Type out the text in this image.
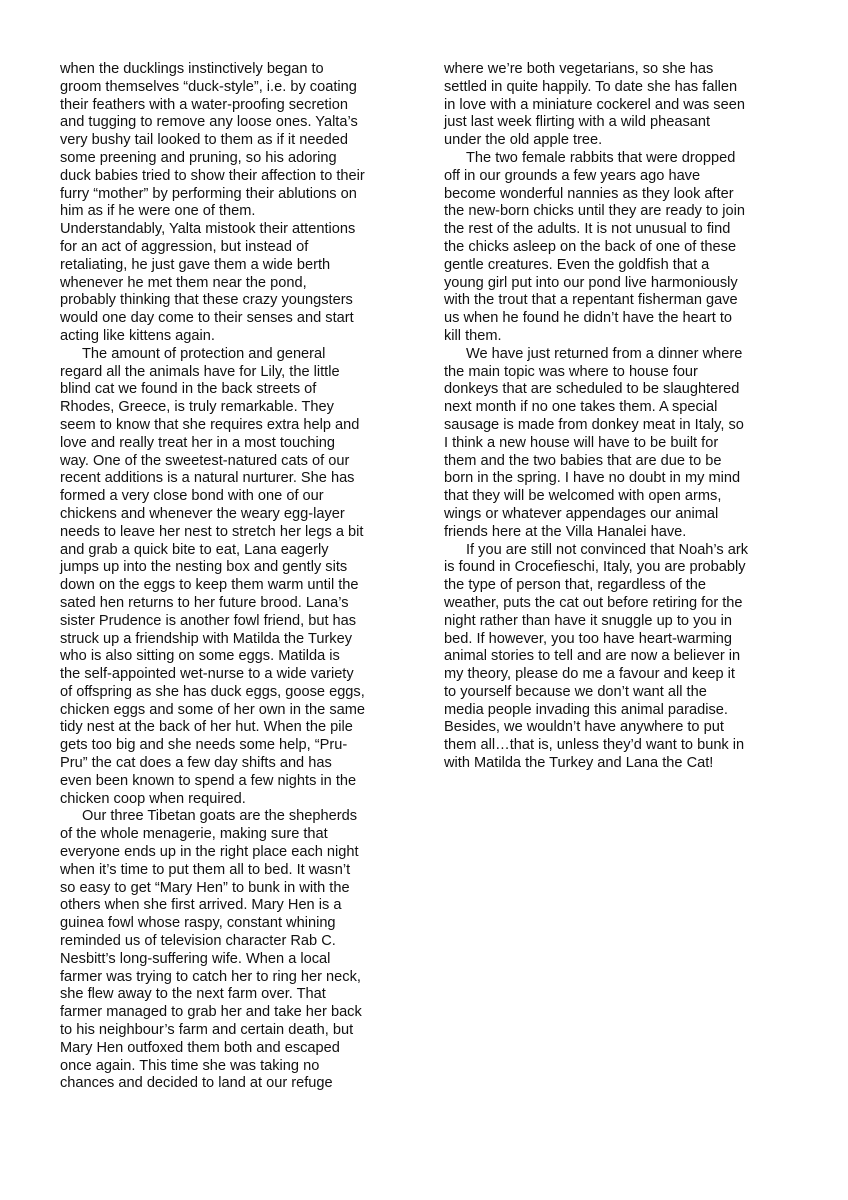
when the ducklings instinctively began to
groom themselves “duck-style”, i.e. by coating
their feathers with a water-proofing secretion
and tugging to remove any loose ones. Yalta’s
very bushy tail looked to them as if it needed
some preening and pruning, so his adoring
duck babies tried to show their affection to their
furry “mother” by performing their ablutions on
him as if he were one of them.
Understandably, Yalta mistook their attentions
for an act of aggression, but instead of
retaliating, he just gave them a wide berth
whenever he met them near the pond,
probably thinking that these crazy youngsters
would one day come to their senses and start
acting like kittens again.

The amount of protection and general
regard all the animals have for Lily, the little
blind cat we found in the back streets of
Rhodes, Greece, is truly remarkable. They
seem to know that she requires extra help and
love and really treat her in a most touching
way. One of the sweetest-natured cats of our
recent additions is a natural nurturer. She has
formed a very close bond with one of our
chickens and whenever the weary egg-layer
needs to leave her nest to stretch her legs a bit
and grab a quick bite to eat, Lana eagerly
jumps up into the nesting box and gently sits
down on the eggs to keep them warm until the
sated hen returns to her future brood. Lana’s
sister Prudence is another fowl friend, but has
struck up a friendship with Matilda the Turkey
who is also sitting on some eggs. Matilda is
the self-appointed wet-nurse to a wide variety
of offspring as she has duck eggs, goose eggs,
chicken eggs and some of her own in the same
tidy nest at the back of her hut. When the pile
gets too big and she needs some help, “Pru-
Pru” the cat does a few day shifts and has
even been known to spend a few nights in the
chicken coop when required.

Our three Tibetan goats are the shepherds
of the whole menagerie, making sure that
everyone ends up in the right place each night
when it’s time to put them all to bed. It wasn’t
so easy to get “Mary Hen” to bunk in with the
others when she first arrived. Mary Hen is a
guinea fowl whose raspy, constant whining
reminded us of television character Rab C.
Nesbitt’s long-suffering wife. When a local
farmer was trying to catch her to ring her neck,
she flew away to the next farm over. That
farmer managed to grab her and take her back
to his neighbour’s farm and certain death, but
Mary Hen outfoxed them both and escaped
once again. This time she was taking no
chances and decided to land at our refuge

where we’re both vegetarians, so she has
settled in quite happily. To date she has fallen
in love with a miniature cockerel and was seen
just last week flirting with a wild pheasant
under the old apple tree.

The two female rabbits that were dropped
off in our grounds a few years ago have
become wonderful nannies as they look after
the new-born chicks until they are ready to join
the rest of the adults. It is not unusual to find
the chicks asleep on the back of one of these
gentle creatures. Even the goldfish that a
young girl put into our pond live harmoniously
with the trout that a repentant fisherman gave
us when he found he didn’t have the heart to
kill them.

We have just returned from a dinner where
the main topic was where to house four
donkeys that are scheduled to be slaughtered
next month if no one takes them. A special
sausage is made from donkey meat in Italy, so
I think a new house will have to be built for
them and the two babies that are due to be
born in the spring. I have no doubt in my mind
that they will be welcomed with open arms,
wings or whatever appendages our animal
friends here at the Villa Hanalei have.

If you are still not convinced that Noah’s ark
is found in Crocefieschi, Italy, you are probably
the type of person that, regardless of the
weather, puts the cat out before retiring for the
night rather than have it snuggle up to you in
bed. If however, you too have heart-warming
animal stories to tell and are now a believer in
my theory, please do me a favour and keep it
to yourself because we don’t want all the
media people invading this animal paradise.
Besides, we wouldn’t have anywhere to put
them all…that is, unless they’d want to bunk in
with Matilda the Turkey and Lana the Cat!
